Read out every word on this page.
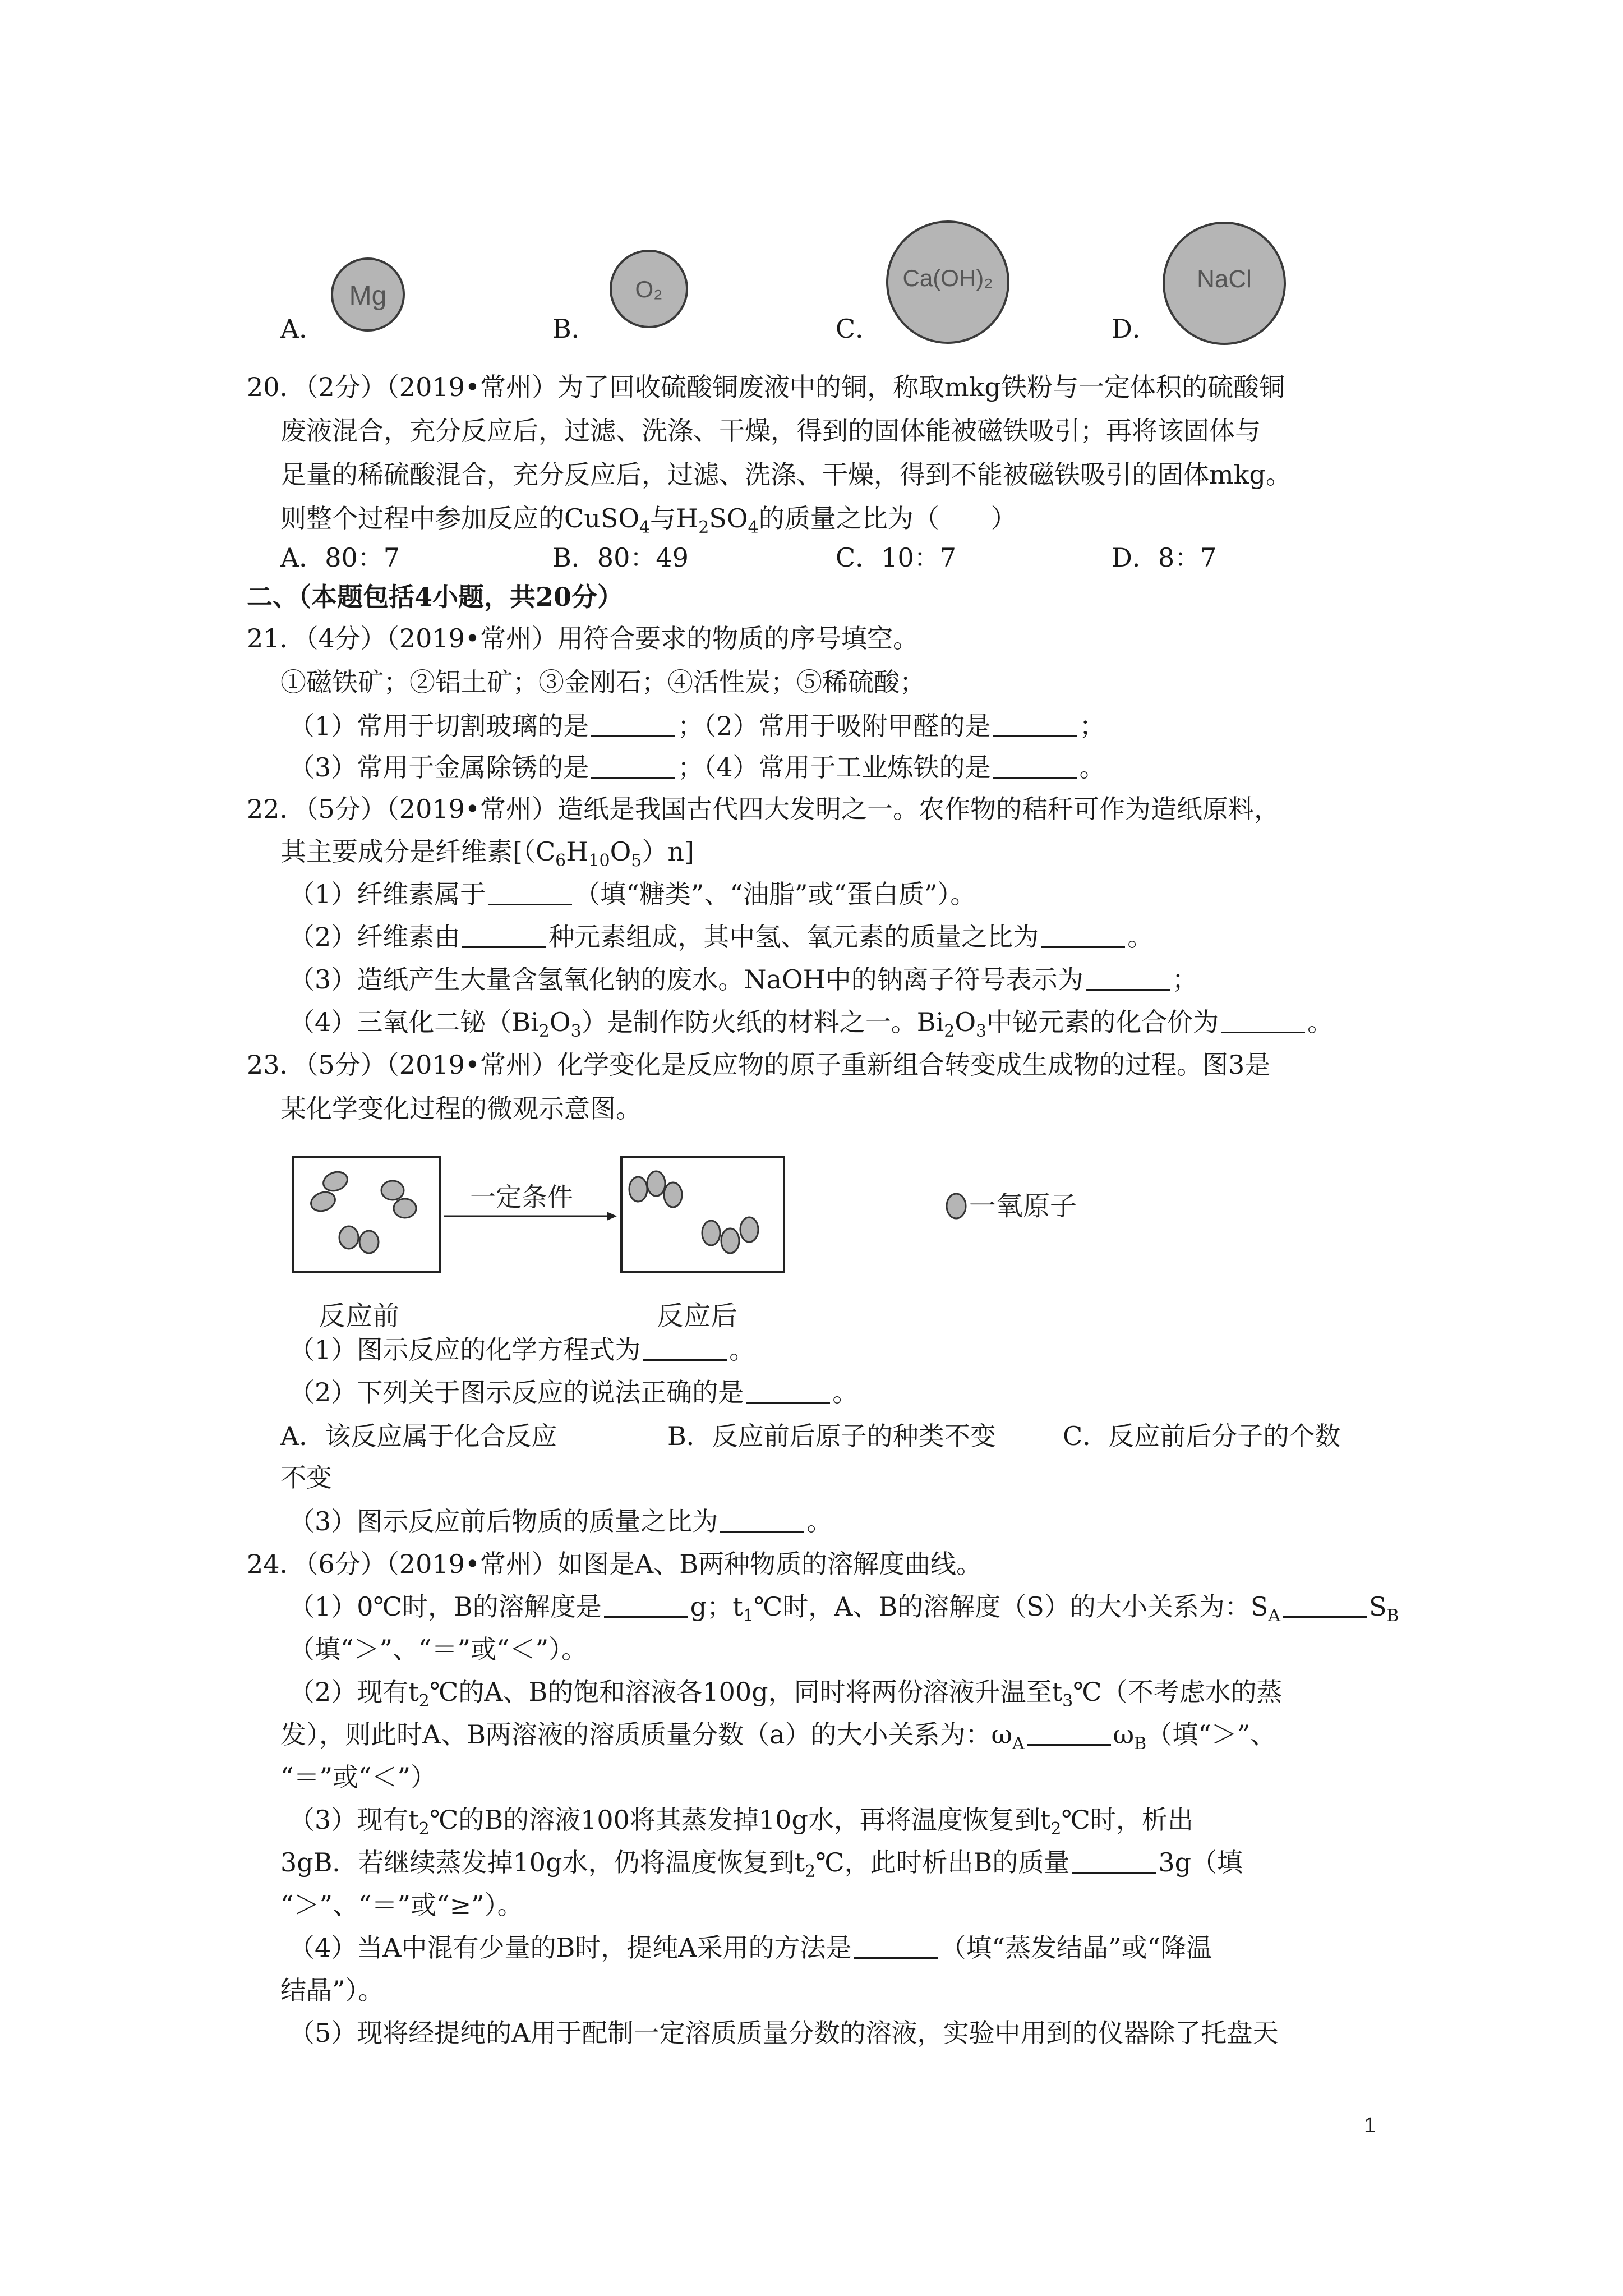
A．
Mg
B．
O₂
C．
Ca(OH)₂
D．
NaCl
20．（2分）（2019•常州）为了回收硫酸铜废液中的铜，称取mkg铁粉与一定体积的硫酸铜
废液混合，充分反应后，过滤、洗涤、干燥，得到的固体能被磁铁吸引；再将该固体与
足量的稀硫酸混合，充分反应后，过滤、洗涤、干燥，得到不能被磁铁吸引的固体mkg。
则整个过程中参加反应的CuSO$_4$与$H_2SO_4$的质量之比为（　　）
A．80：7	B．80：49	C．10：7	D．8：7
二、（本题包括4小题，共20分）
21．（4分）（2019•常州）用符合要求的物质的序号填空。
①磁铁矿；②铝土矿；③金刚石；④活性炭；⑤稀硫酸；
（1）常用于切割玻璃的是	；（2）常用于吸附甲醛的是	；
（3）常用于金属除锈的是	；（4）常用于工业炼铁的是	。
22．（5分）（2019•常州）造纸是我国古代四大发明之一。农作物的秸秆可作为造纸原料，
其主要成分是纤维素$[(C_6H_{10}O_5)n]$
（1）纤维素属于	（填“糖类”、“油脂”或“蛋白质”）。
（2）纤维素由	种元素组成，其中氢、氧元素的质量之比为	。
（3）造纸产生大量含氢氧化钠的废水。NaOH中的钠离子符号表示为	；
（4）三氧化二铋$(Bi_2O_3)$是制作防火纸的材料之一。$Bi_2O_3$中铋元素的化合价为	。
23．（5分）（2019•常州）化学变化是反应物的原子重新组合转变成生成物的过程。图3是
某化学变化过程的微观示意图。
一定条件
反应前	反应后
一氧原子
（1）图示反应的化学方程式为	。
（2）下列关于图示反应的说法正确的是	。
A．该反应属于化合反应	B．反应前后原子的种类不变	C．反应前后分子的个数
不变
（3）图示反应前后物质的质量之比为	。
24．（6分）（2019•常州）如图是A、B两种物质的溶解度曲线。
（1）0℃时，B的溶解度是	g；$t_1℃$时，A、B的溶解度（S）的大小关系为：$S_A$	$S_B$
（填“＞”、“＝”或“＜”）。
（2）现有$t_2℃$的A、B的饱和溶液各100g，同时将两份溶液升温至$t_3℃$（不考虑水的蒸
发），则此时A、B两溶液的溶质质量分数（a）的大小关系为：$\omega_A$	$\omega_B$（填“＞”、
“＝”或“＜”）
（3）现有$t_2℃$的B的溶液100将其蒸发掉10g水，再将温度恢复到$t_2℃$时，析出
3gB．若继续蒸发掉10g水，仍将温度恢复到$t_2℃$，此时析出B的质量	3g（填
“＞”、“＝”或“≥”）。
（4）当A中混有少量的B时，提纯A采用的方法是	（填“蒸发结晶”或“降温
结晶”）。
（5）现将经提纯的A用于配制一定溶质质量分数的溶液，实验中用到的仪器除了托盘天
1
